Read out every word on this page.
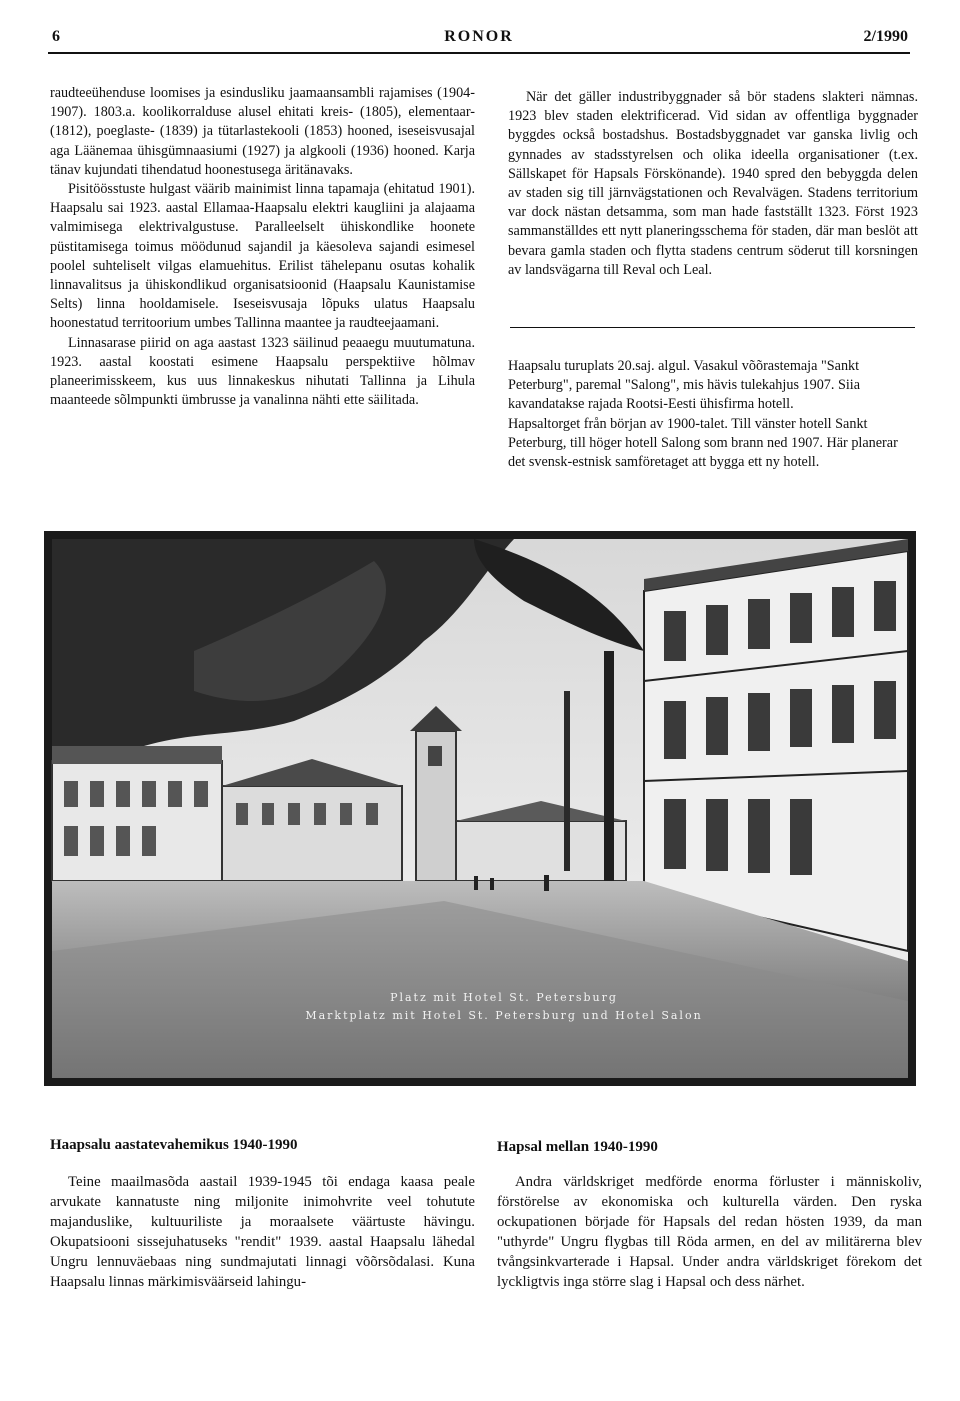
6	RONOR	2/1990

raudteeühenduse loomises ja esindusliku jaamaansambli rajamises (1904-1907). 1803.a. koolikorralduse alusel ehitati kreis- (1805), elementaar- (1812), poeglaste- (1839) ja tütarlastekooli (1853) hooned, iseseisvusajal aga Läänemaa ühisgümnaasiumi (1927) ja algkooli (1936) hooned. Karja tänav kujundati tihendatud hoonestusega äritänavaks.

Pisitöösstuste hulgast väärib mainimist linna tapamaja (ehitatud 1901). Haapsalu sai 1923. aastal Ellamaa-Haapsalu elektri kaugliini ja alajaama valmimisega elektrivalgustuse. Paralleelselt ühiskondlike hoonete püstitamisega toimus möödunud sajandil ja käesoleva sajandi esimesel poolel suhteliselt vilgas elamuehitus. Erilist tähelepanu osutas kohalik linnavalitsus ja ühiskondlikud organisatsioonid (Haapsalu Kaunistamise Selts) linna hooldamisele. Iseseisvusaja lõpuks ulatus Haapsalu hoonestatud territoorium umbes Tallinna maantee ja raudteejaamani.

Linnasarase piirid on aga aastast 1323 säilinud peaaegu muutumatuna. 1923. aastal koostati esimene Haapsalu perspektiive hõlmav planeerimisskeem, kus uus linnakeskus nihutati Tallinna ja Lihula maanteede sõlmpunkti ümbrusse ja vanalinna nähti ette säilitada.

När det gäller industribyggnader så bör stadens slakteri nämnas. 1923 blev staden elektrificerad. Vid sidan av offentliga byggnader byggdes också bostadshus. Bostadsbyggnadet var ganska livlig och gynnades av stadsstyrelsen och olika ideella organisationer (t.ex. Sällskapet för Hapsals Förskönande). 1940 spred den bebyggda delen av staden sig till järnvägstationen och Revalvägen. Stadens territorium var dock nästan detsamma, som man hade fastställt 1323. Först 1923 sammanställdes ett nytt planeringsschema för staden, där man beslöt att bevara gamla staden och flytta stadens centrum söderut till korsningen av landsvägarna till Reval och Leal.

Haapsalu turuplats 20.saj. algul. Vasakul võõrastemaja "Sankt Peterburg", paremal "Salong", mis hävis tulekahjus 1907. Siia kavandatakse rajada Rootsi-Eesti ühisfirma hotell.

Hapsaltorget från början av 1900-talet. Till vänster hotell Sankt Peterburg, till höger hotell Salong som brann ned 1907. Här planerar det svensk-estnisk samföretaget att bygga ett ny hotell.

Platz mit Hotel St. Petersburg
Marktplatz mit Hotel St. Petersburg und Hotel Salon
Haapsalu aastatevahemikus 1940-1990	Hapsal mellan 1940-1990

Teine maailmasõda aastail 1939-1945 tõi endaga kaasa peale arvukate kannatuste ning miljonite inimohvrite veel tohutute majanduslike, kultuuriliste ja moraalsete väärtuste hävingu. Okupatsiooni sissejuhatuseks "rendit" 1939. aastal Haapsalu lähedal Ungru lennuväebaas ning sundmajutati linnagi võõrsõdalasi. Kuna Haapsalu linnas märkimisväärseid lahingu-

Andra världskriget medförde enorma förluster i människoliv, förstörelse av ekonomiska och kulturella värden. Den ryska ockupationen började för Hapsals del redan hösten 1939, da man "uthyrde" Ungru flygbas till Röda armen, en del av militärerna blev tvångsinkvarterade i Hapsal. Under andra världskriget förekom det lyckligtvis inga större slag i Hapsal och dess närhet.
